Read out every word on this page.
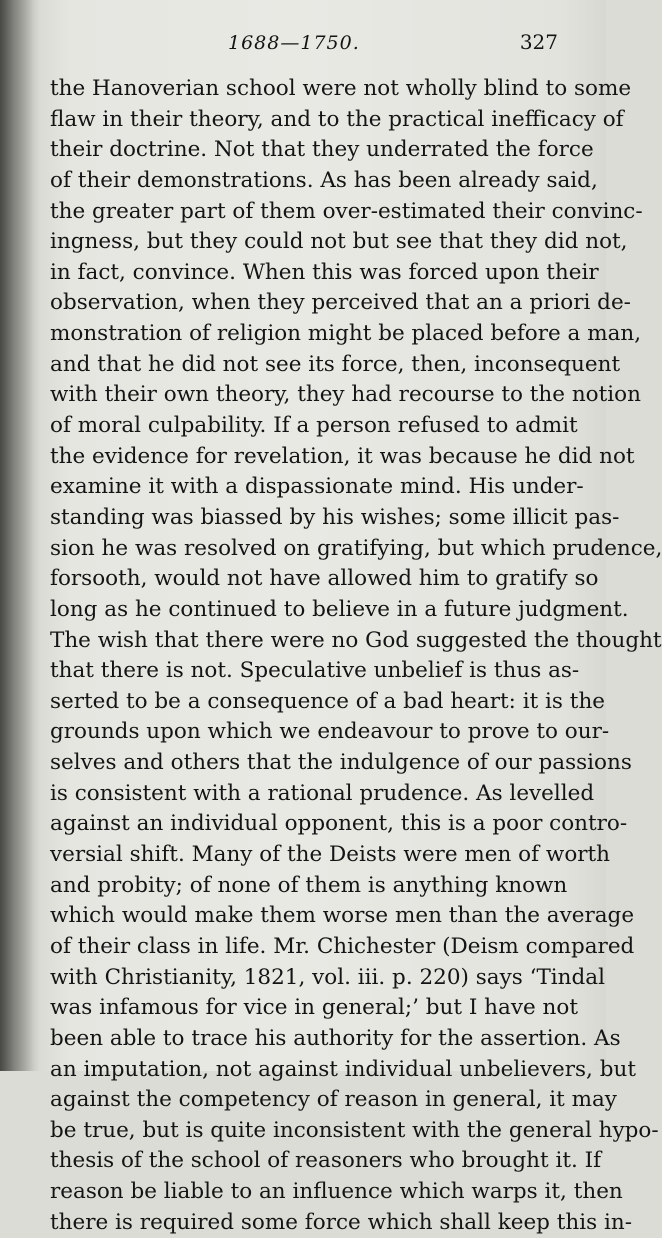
1688—1750.	327
the Hanoverian school were not wholly blind to some
flaw in their theory, and to the practical inefficacy of
their doctrine. Not that they underrated the force
of their demonstrations. As has been already said,
the greater part of them over-estimated their convinc-
ingness, but they could not but see that they did not,
in fact, convince. When this was forced upon their
observation, when they perceived that an a priori de-
monstration of religion might be placed before a man,
and that he did not see its force, then, inconsequent
with their own theory, they had recourse to the notion
of moral culpability. If a person refused to admit
the evidence for revelation, it was because he did not
examine it with a dispassionate mind. His under-
standing was biassed by his wishes; some illicit pas-
sion he was resolved on gratifying, but which prudence,
forsooth, would not have allowed him to gratify so
long as he continued to believe in a future judgment.
The wish that there were no God suggested the thought
that there is not. Speculative unbelief is thus as-
serted to be a consequence of a bad heart: it is the
grounds upon which we endeavour to prove to our-
selves and others that the indulgence of our passions
is consistent with a rational prudence. As levelled
against an individual opponent, this is a poor contro-
versial shift. Many of the Deists were men of worth
and probity; of none of them is anything known
which would make them worse men than the average
of their class in life. Mr. Chichester (Deism compared
with Christianity, 1821, vol. iii. p. 220) says ‘Tindal
was infamous for vice in general;’ but I have not
been able to trace his authority for the assertion. As
an imputation, not against individual unbelievers, but
against the competency of reason in general, it may
be true, but is quite inconsistent with the general hypo-
thesis of the school of reasoners who brought it. If
reason be liable to an influence which warps it, then
there is required some force which shall keep this in-
